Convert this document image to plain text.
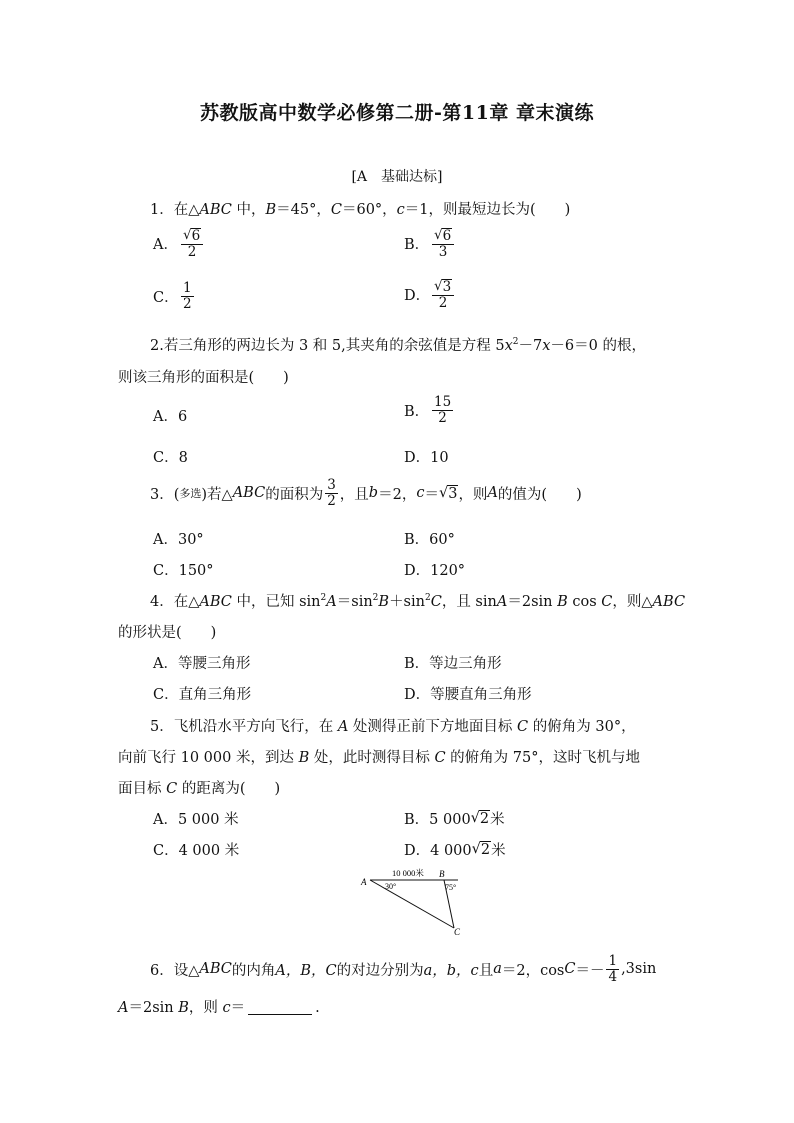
苏教版高中数学必修第二册-第11章 章末演练
[A　基础达标]
1．在△ABC 中，B＝45°，C＝60°，c＝1，则最短边长为(　　)
A． $\frac{√ 6}{2}$	B． $\frac{√ 6}{3}$
C． $\frac{1}{2}$	D． $\frac{√ 3}{2}$
2.若三角形的两边长为 3 和 5,其夹角的余弦值是方程 $5x^2-7x-6=0$ 的根，
则该三角形的面积是(　　)
A．6	B． $\frac{15}{2}$
C．8	D．10
3．( 多选 )若△ ABC 的面积为 $\frac{3}{2}$ ，且 b ＝2， c ＝ √ 3 ，则 A 的值为(　　)
A．30°	B．60°
C．150°	D．120°
4．在△ABC 中，已知 $\sin^2A=\sin^2B+\sin^2C$，且 sinA＝2sin B cos C，则△ABC
的形状是(　　)
A．等腰三角形	B．等边三角形
C．直角三角形	D．等腰直角三角形
5．飞机沿水平方向飞行，在 A 处测得正前下方地面目标 C 的俯角为 30°，
向前飞行 10 000 米，到达 B 处，此时测得目标 C 的俯角为 75°，这时飞机与地
面目标 C 的距离为(　　)
A．5 000 米	B．5 000 √ 2 米
C．4 000 米	D．4 000 √ 2 米
A
B
C
10 000米
30°	75°
6．设△ ABC 的内角 A，B，C 的对边分别为 a，b，c 且 a ＝2，$\cos C =- \frac{1}{4} ,3\sin$
A＝2sin B，则 c＝	.
